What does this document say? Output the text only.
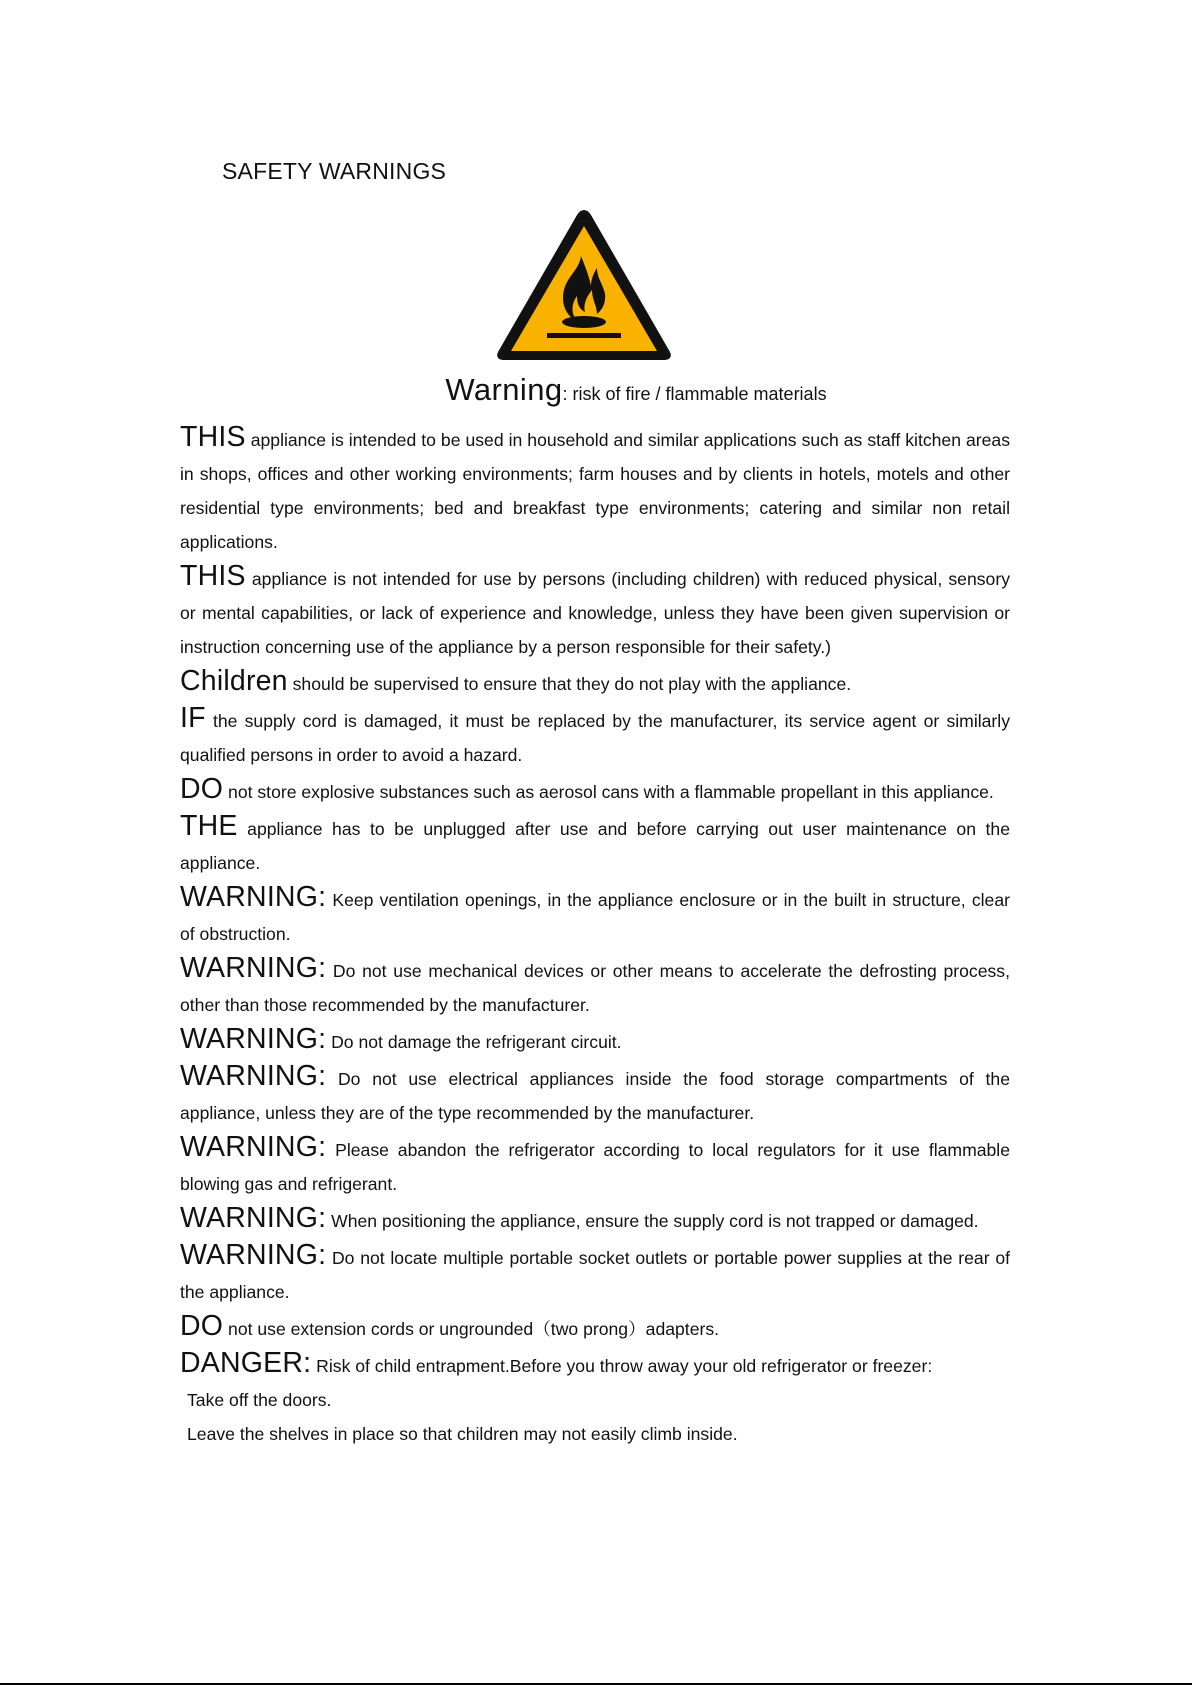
SAFETY WARNINGS
Warning: risk of fire / flammable materials

THIS appliance is intended to be used in household and similar applications such as staff kitchen areas in shops, offices and other working environments; farm houses and by clients in hotels, motels and other residential type environments; bed and breakfast type environments; catering and similar non retail applications.

THIS appliance is not intended for use by persons (including children) with reduced physical, sensory or mental capabilities, or lack of experience and knowledge, unless they have been given supervision or instruction concerning use of the appliance by a person responsible for their safety.)

Children should be supervised to ensure that they do not play with the appliance.

IF the supply cord is damaged, it must be replaced by the manufacturer, its service agent or similarly qualified persons in order to avoid a hazard.

DO not store explosive substances such as aerosol cans with a flammable propellant in this appliance.

THE appliance has to be unplugged after use and before carrying out user maintenance on the appliance.

WARNING: Keep ventilation openings, in the appliance enclosure or in the built in structure, clear of obstruction.

WARNING: Do not use mechanical devices or other means to accelerate the defrosting process, other than those recommended by the manufacturer.

WARNING: Do not damage the refrigerant circuit.

WARNING: Do not use electrical appliances inside the food storage compartments of the appliance, unless they are of the type recommended by the manufacturer.

WARNING: Please abandon the refrigerator according to local regulators for it use flammable blowing gas and refrigerant.

WARNING: When positioning the appliance, ensure the supply cord is not trapped or damaged.

WARNING: Do not locate multiple portable socket outlets or portable power supplies at the rear of the appliance.

DO not use extension cords or ungrounded（two prong）adapters.

DANGER: Risk of child entrapment.Before you throw away your old refrigerator or freezer:

Take off the doors.

Leave the shelves in place so that children may not easily climb inside.
